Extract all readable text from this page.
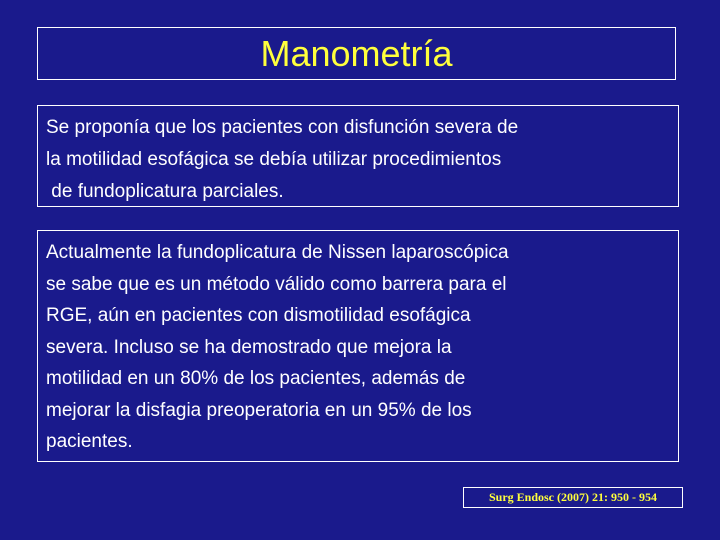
Manometría
Se proponía que los pacientes con disfunción severa de
la motilidad esofágica se debía utilizar procedimientos
de fundoplicatura parciales.
Actualmente la fundoplicatura de Nissen laparoscópica
se sabe que es un método válido como barrera para el
RGE, aún en pacientes con dismotilidad esofágica
severa. Incluso se ha demostrado que mejora la
motilidad en un 80% de los pacientes, además de
mejorar la disfagia preoperatoria en un 95% de los
pacientes.
Surg Endosc (2007) 21: 950 - 954
